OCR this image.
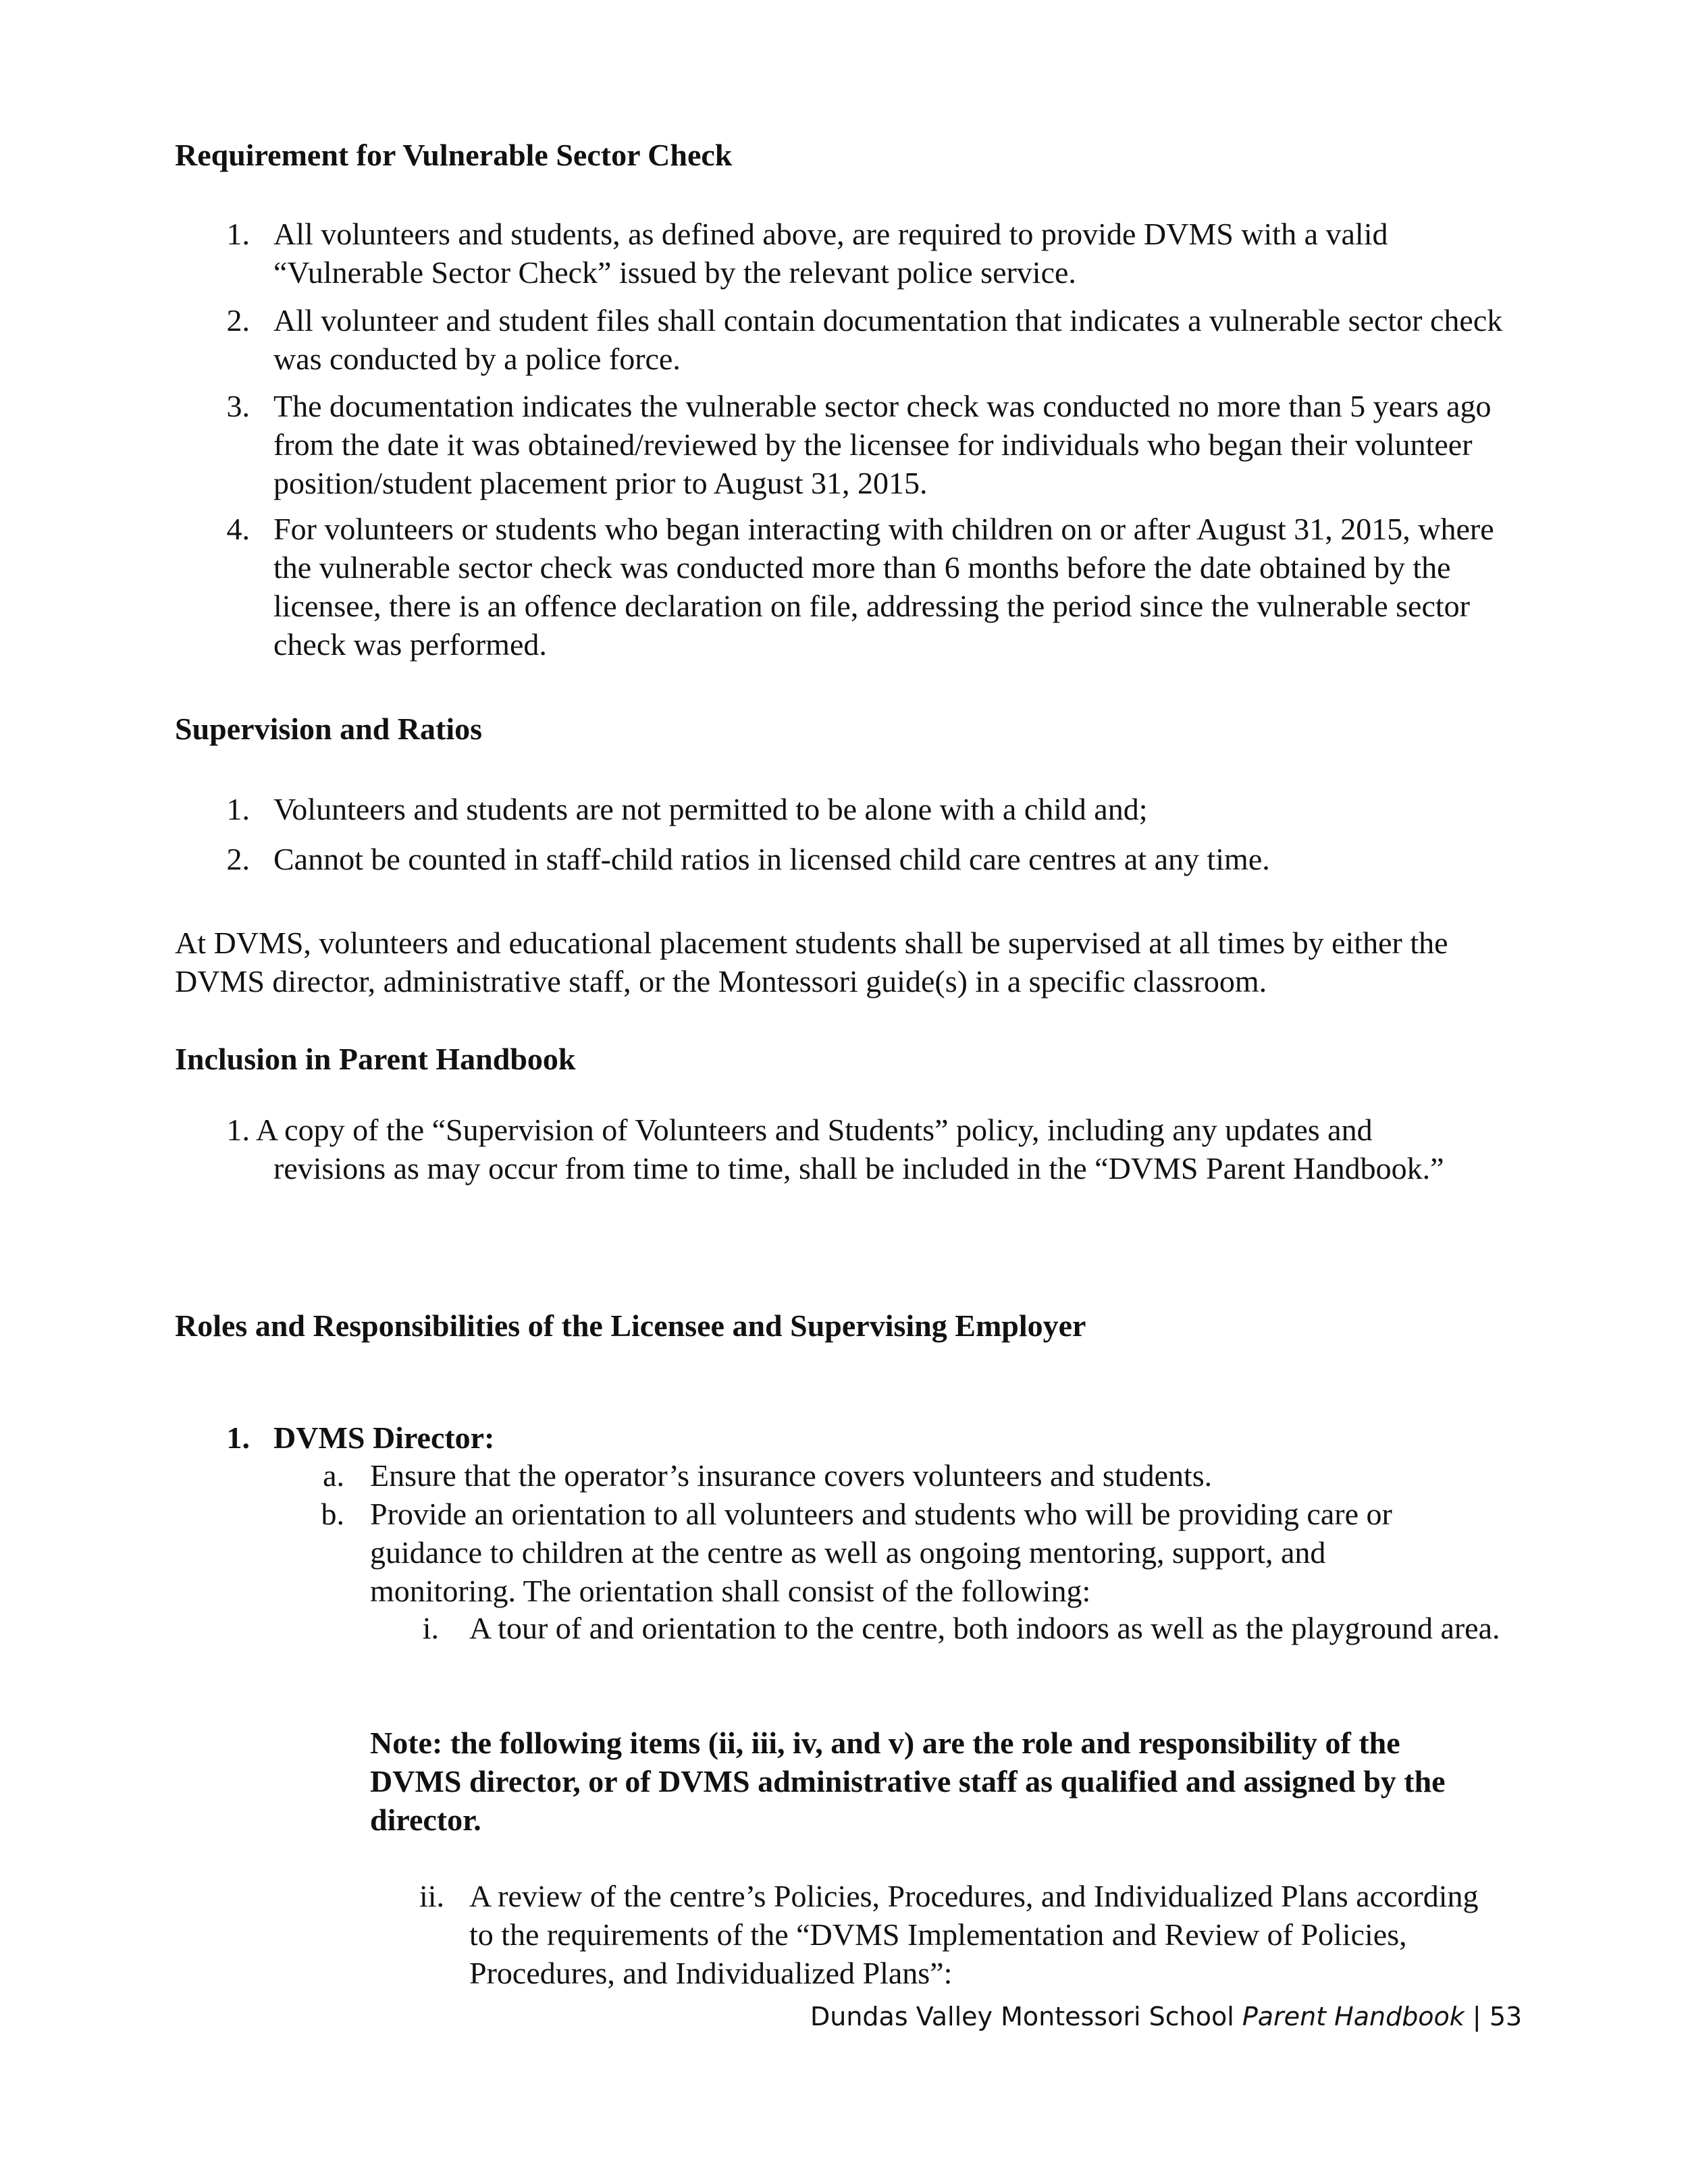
Requirement for Vulnerable Sector Check
1. All volunteers and students, as defined above, are required to provide DVMS with a valid “Vulnerable Sector Check” issued by the relevant police service.

2. All volunteer and student files shall contain documentation that indicates a vulnerable sector check was conducted by a police force.

3. The documentation indicates the vulnerable sector check was conducted no more than 5 years ago from the date it was obtained/reviewed by the licensee for individuals who began their volunteer position/student placement prior to August 31, 2015.

4. For volunteers or students who began interacting with children on or after August 31, 2015, where the vulnerable sector check was conducted more than 6 months before the date obtained by the licensee, there is an offence declaration on file, addressing the period since the vulnerable sector check was performed.

Supervision and Ratios
1. Volunteers and students are not permitted to be alone with a child and;

2. Cannot be counted in staff-child ratios in licensed child care centres at any time.

At DVMS, volunteers and educational placement students shall be supervised at all times by either the DVMS director, administrative staff, or the Montessori guide(s) in a specific classroom.

Inclusion in Parent Handbook
1. A copy of the “Supervision of Volunteers and Students” policy, including any updates and revisions as may occur from time to time, shall be included in the “DVMS Parent Handbook.”

Roles and Responsibilities of the Licensee and Supervising Employer
1. DVMS Director:

a. Ensure that the operator’s insurance covers volunteers and students.

b. Provide an orientation to all volunteers and students who will be providing care or guidance to children at the centre as well as ongoing mentoring, support, and monitoring. The orientation shall consist of the following:

i. A tour of and orientation to the centre, both indoors as well as the playground area.

Note: the following items (ii, iii, iv, and v) are the role and responsibility of the DVMS director, or of DVMS administrative staff as qualified and assigned by the director.

ii. A review of the centre’s Policies, Procedures, and Individualized Plans according to the requirements of the “DVMS Implementation and Review of Policies, Procedures, and Individualized Plans”:

Dundas Valley Montessori School Parent Handbook | 53
